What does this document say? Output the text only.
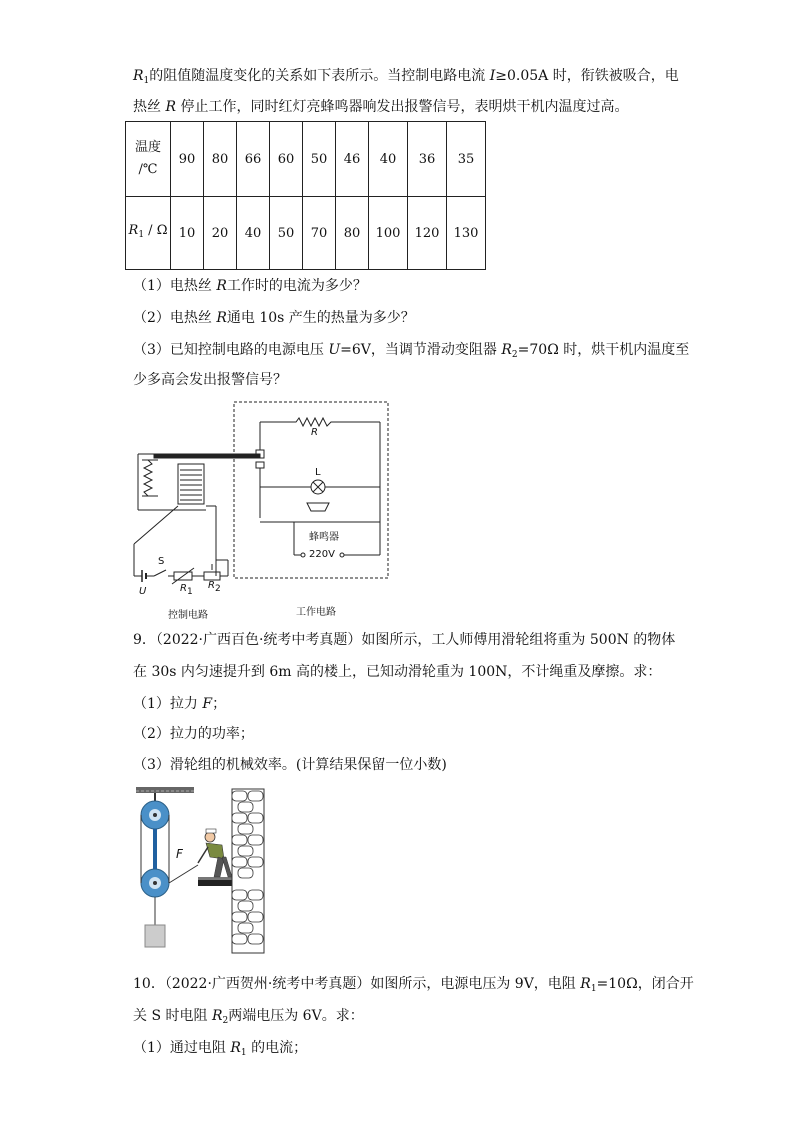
$R_1$的阻值随温度变化的关系如下表所示。当控制电路电流 I≥0.05A 时，衔铁被吸合，电
热丝 R 停止工作，同时红灯亮蜂鸣器响发出报警信号，表明烘干机内温度过高。
温度
/℃	90	80	66	60	50	46	40	36	35
$R_1$ / Ω	10	20	40	50	70	80	100	120	130
（1）电热丝 R工作时的电流为多少？
（2）电热丝 R通电 10s 产生的热量为多少？
（3）已知控制电路的电源电压 U=6V，当调节滑动变阻器 $R_2=70\Omega$ 时，烘干机内温度至
少多高会发出报警信号？
R
L
蜂鸣器
220V
S
U	$R_1$
$R_2$
控制电路	工作电路
9．（2022·广西百色·统考中考真题）如图所示，工人师傅用滑轮组将重为 500N 的物体
在 30s 内匀速提升到 6m 高的楼上，已知动滑轮重为 100N，不计绳重及摩擦。求：
（1）拉力 F；
（2）拉力的功率；
（3）滑轮组的机械效率。(计算结果保留一位小数)
F
10．（2022·广西贺州·统考中考真题）如图所示，电源电压为 9V，电阻 $R_1=10\Omega$，闭合开
关 S 时电阻 $R_2$两端电压为 6V。求：
（1）通过电阻 $R_1$ 的电流；
